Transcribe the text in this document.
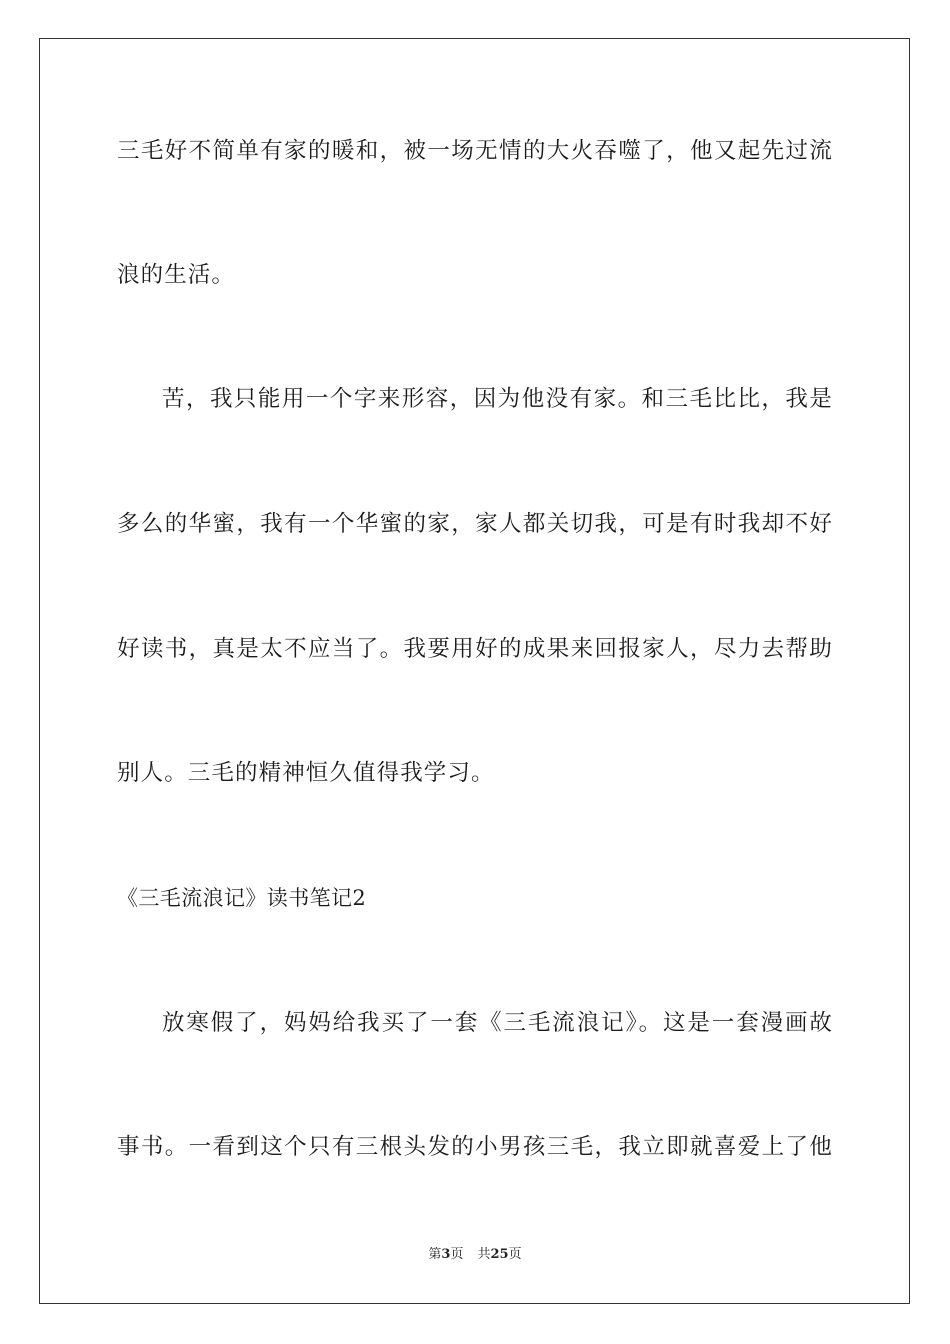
三毛好不简单有家的暖和，被一场无情的大火吞噬了，他又起先过流
浪的生活。
苦，我只能用一个字来形容，因为他没有家。和三毛比比，我是
多么的华蜜，我有一个华蜜的家，家人都关切我，可是有时我却不好
好读书，真是太不应当了。我要用好的成果来回报家人，尽力去帮助
别人。三毛的精神恒久值得我学习。
《三毛流浪记》读书笔记2
放寒假了，妈妈给我买了一套《三毛流浪记》。这是一套漫画故
事书。一看到这个只有三根头发的小男孩三毛，我立即就喜爱上了他
第3页 共25页
